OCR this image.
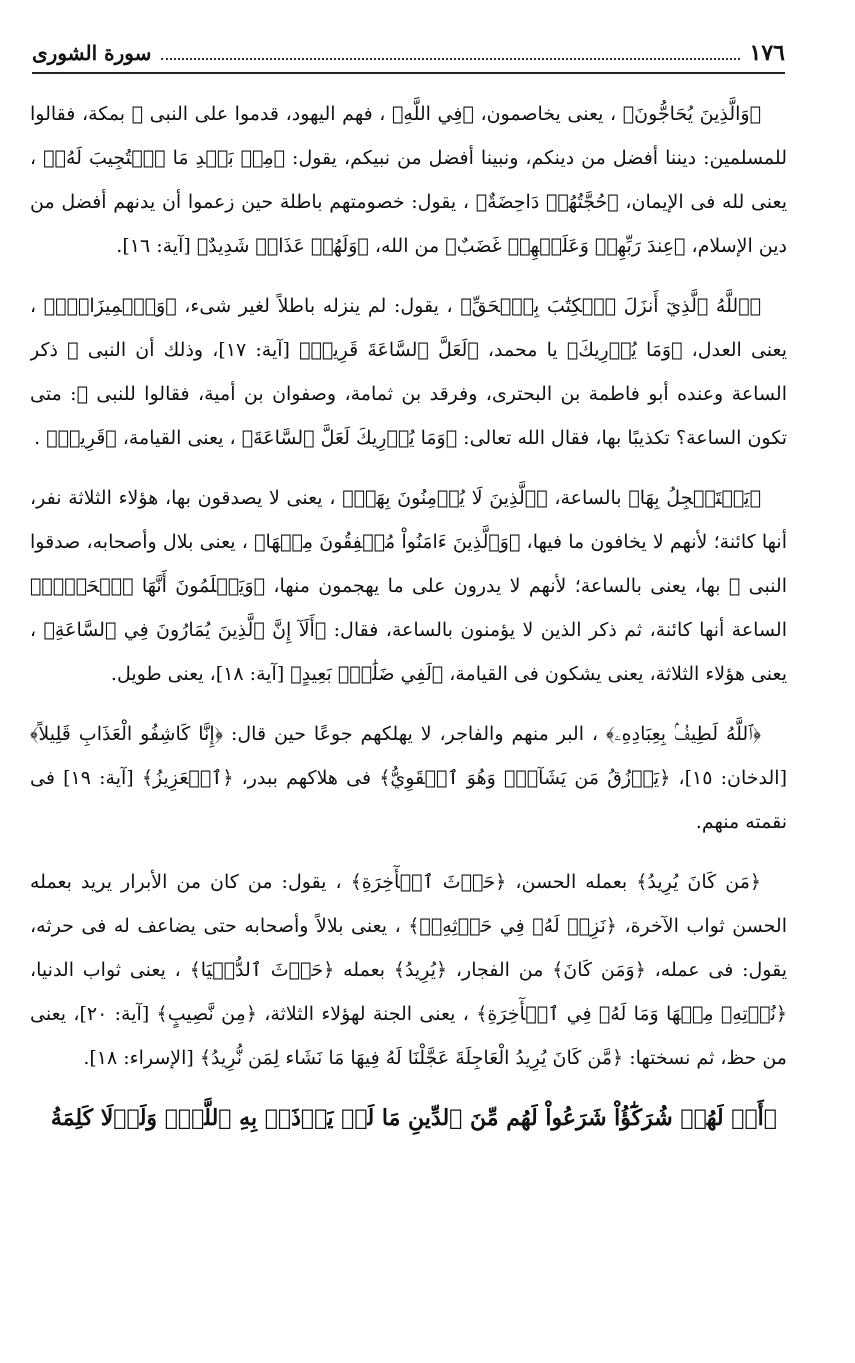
١٧٦
سورة الشورى

﴿وَالَّذِينَ يُحَاجُّونَ﴾ ، يعنى يخاصمون، ﴿فِي اللَّهِ﴾ ، فهم اليهود، قدموا على النبى ﷺ بمكة، فقالوا للمسلمين: ديننا أفضل من دينكم، ونبينا أفضل من نبيكم، يقول: ﴿مِنۢ بَعۡدِ مَا ٱسۡتُجِيبَ لَهُۥ﴾ ، يعنى لله فى الإيمان، ﴿حُجَّتُهُمۡ دَاحِضَةٌ﴾ ، يقول: خصومتهم باطلة حين زعموا أن يدنهم أفضل من دين الإسلام، ﴿عِندَ رَبِّهِمۡ وَعَلَيۡهِمۡ غَضَبٌ﴾ من الله، ﴿وَلَهُمۡ عَذَابٞ شَدِيدٌ﴾ [آية: ١٦].

﴿ٱللَّهُ ٱلَّذِيٓ أَنزَلَ ٱلۡكِتَٰبَ بِٱلۡحَقِّ﴾ ، يقول: لم ينزله باطلاً لغير شىء، ﴿وَٱلۡمِيزَانَۗ﴾ ، يعنى العدل، ﴿وَمَا يُدۡرِيكَ﴾ يا محمد، ﴿لَعَلَّ ٱلسَّاعَةَ قَرِيبٞ﴾ [آية: ١٧]، وذلك أن النبى ﷺ ذكر الساعة وعنده أبو فاطمة بن البحترى، وفرقد بن ثمامة، وصفوان بن أمية، فقالوا للنبى ﷺ: متى تكون الساعة؟ تكذيبًا بها، فقال الله تعالى: ﴿وَمَا يُدۡرِيكَ لَعَلَّ ٱلسَّاعَةَ﴾ ، يعنى القيامة، ﴿قَرِيبٞ﴾ .

﴿يَسۡتَعۡجِلُ بِهَا﴾ بالساعة، ﴿ٱلَّذِينَ لَا يُؤۡمِنُونَ بِهَاۖ﴾ ، يعنى لا يصدقون بها، هؤلاء الثلاثة نفر، أنها كائنة؛ لأنهم لا يخافون ما فيها، ﴿وَٱلَّذِينَ ءَامَنُواْ مُشۡفِقُونَ مِنۡهَا﴾ ، يعنى بلال وأصحابه، صدقوا النبى ﷺ بها، يعنى بالساعة؛ لأنهم لا يدرون على ما يهجمون منها، ﴿وَيَعۡلَمُونَ أَنَّهَا ٱلۡحَقُّۗ﴾ الساعة أنها كائنة، ثم ذكر الذين لا يؤمنون بالساعة، فقال: ﴿أَلَآ إِنَّ ٱلَّذِينَ يُمَارُونَ فِي ٱلسَّاعَةِ﴾ ، يعنى هؤلاء الثلاثة، يعنى يشكون فى القيامة، ﴿لَفِي ضَلَٰلِۭ بَعِيدٍ﴾ [آية: ١٨]، يعنى طويل.

﴿ٱللَّهُ لَطِيفُۢ بِعِبَادِهِۦ﴾ ، البر منهم والفاجر، لا يهلكهم جوعًا حين قال: ﴿إِنَّا كَاشِفُو الْعَذَابِ قَلِيلاً﴾ [الدخان: ١٥]، ﴿يَرۡزُقُ مَن يَشَآءُۖ وَهُوَ ٱلۡقَوِيُّ﴾ فى هلاكهم ببدر، ﴿ٱلۡعَزِيزُ﴾ [آية: ١٩] فى نقمته منهم.

﴿مَن كَانَ يُرِيدُ﴾ بعمله الحسن، ﴿حَرۡثَ ٱلۡأٓخِرَةِ﴾ ، يقول: من كان من الأبرار يريد بعمله الحسن ثواب الآخرة، ﴿نَزِدۡ لَهُۥ فِي حَرۡثِهِۦۖ﴾ ، يعنى بلالاً وأصحابه حتى يضاعف له فى حرثه، يقول: فى عمله، ﴿وَمَن كَانَ﴾ من الفجار، ﴿يُرِيدُ﴾ بعمله ﴿حَرۡثَ ٱلدُّنۡيَا﴾ ، يعنى ثواب الدنيا، ﴿نُؤۡتِهِۦ مِنۡهَا وَمَا لَهُۥ فِي ٱلۡأٓخِرَةِ﴾ ، يعنى الجنة لهؤلاء الثلاثة، ﴿مِن نَّصِيبٍ﴾ [آية: ٢٠]، يعنى من حظ، ثم نسختها: ﴿مَّن كَانَ يُرِيدُ الْعَاجِلَةَ عَجَّلْنَا لَهُ فِيهَا مَا نَشَاء لِمَن نُّرِيدُ﴾ [الإسراء: ١٨].

﴿أَمۡ لَهُمۡ شُرَكَٰٓؤُاْ شَرَعُواْ لَهُم مِّنَ ٱلدِّينِ مَا لَمۡ يَأۡذَنۢ بِهِ ٱللَّهُۚ وَلَوۡلَا كَلِمَةُ
